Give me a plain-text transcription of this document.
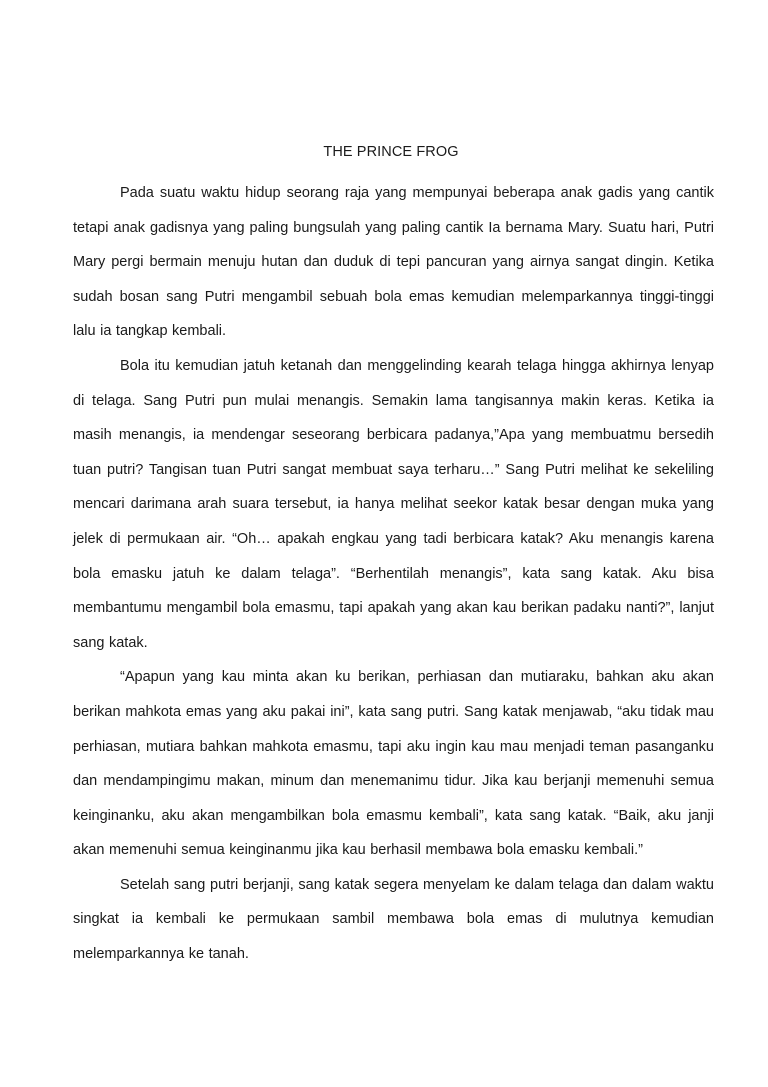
THE PRINCE FROG

Pada suatu waktu hidup seorang raja yang mempunyai beberapa anak gadis yang cantik tetapi anak gadisnya yang paling bungsulah yang paling cantik Ia bernama Mary. Suatu hari, Putri Mary pergi bermain menuju hutan dan duduk di tepi pancuran yang airnya sangat dingin. Ketika sudah bosan sang Putri mengambil sebuah bola emas kemudian melemparkannya tinggi-tinggi lalu ia tangkap kembali.

Bola itu kemudian jatuh ketanah dan menggelinding kearah telaga hingga akhirnya lenyap di telaga. Sang Putri pun mulai menangis. Semakin lama tangisannya makin keras. Ketika ia masih menangis, ia mendengar seseorang berbicara padanya,”Apa yang membuatmu bersedih tuan putri? Tangisan tuan Putri sangat membuat saya terharu…” Sang Putri melihat ke sekeliling mencari darimana arah suara tersebut, ia hanya melihat seekor katak besar dengan muka yang jelek di permukaan air. “Oh… apakah engkau yang tadi berbicara katak? Aku menangis karena bola emasku jatuh ke dalam telaga”. “Berhentilah menangis”, kata sang katak. Aku bisa membantumu mengambil bola emasmu, tapi apakah yang akan kau berikan padaku nanti?”, lanjut sang katak.

“Apapun yang kau minta akan ku berikan, perhiasan dan mutiaraku, bahkan aku akan berikan mahkota emas yang aku pakai ini”, kata sang putri. Sang katak menjawab, “aku tidak mau perhiasan, mutiara bahkan mahkota emasmu, tapi aku ingin kau mau menjadi teman pasanganku dan mendampingimu makan, minum dan menemanimu tidur. Jika kau berjanji memenuhi semua keinginanku, aku akan mengambilkan bola emasmu kembali”, kata sang katak. “Baik, aku janji akan memenuhi semua keinginanmu jika kau berhasil membawa bola emasku kembali.”

Setelah sang putri berjanji, sang katak segera menyelam ke dalam telaga dan dalam waktu singkat ia kembali ke permukaan sambil membawa bola emas di mulutnya kemudian melemparkannya ke tanah.
